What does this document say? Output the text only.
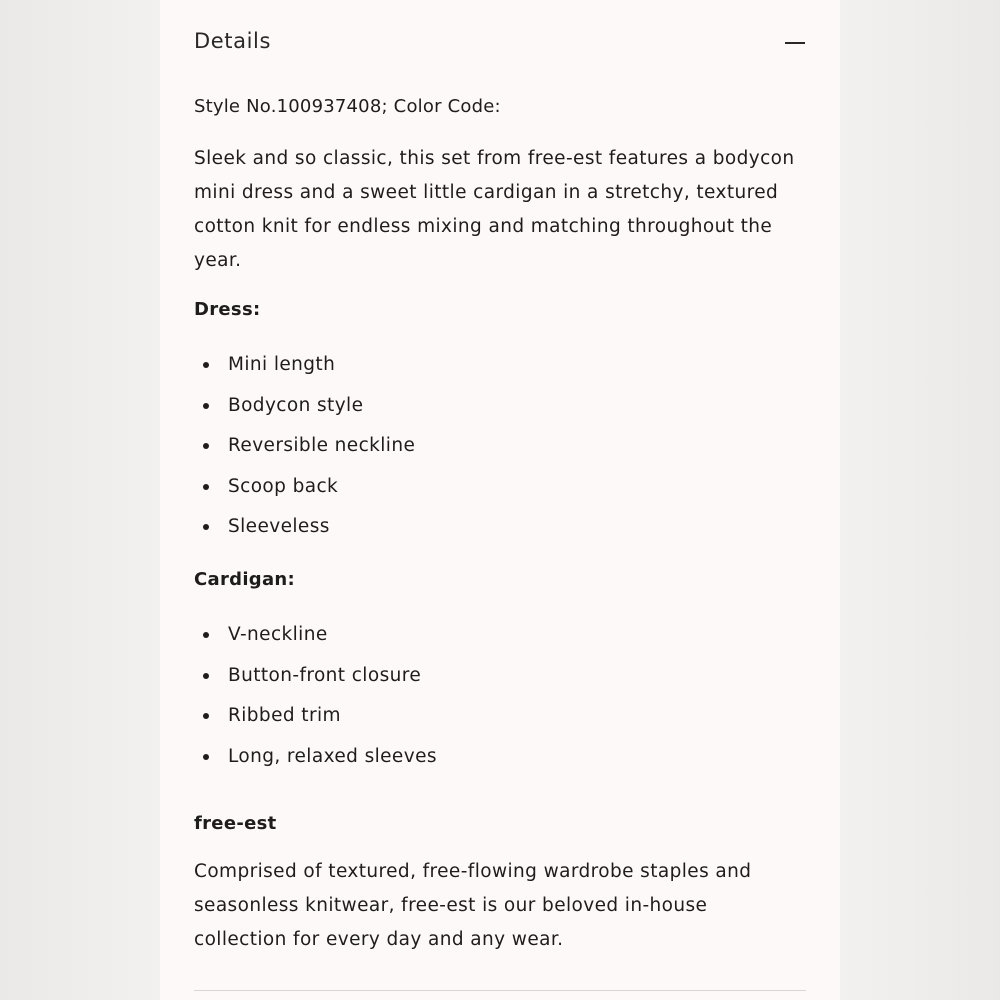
Details
Style No.100937408; Color Code:
Sleek and so classic, this set from free-est features a bodycon mini dress and a sweet little cardigan in a stretchy, textured cotton knit for endless mixing and matching throughout the year.
Dress:
Mini length
Bodycon style
Reversible neckline
Scoop back
Sleeveless
Cardigan:
V-neckline
Button-front closure
Ribbed trim
Long, relaxed sleeves
free-est
Comprised of textured, free-flowing wardrobe staples and seasonless knitwear, free-est is our beloved in-house collection for every day and any wear.
